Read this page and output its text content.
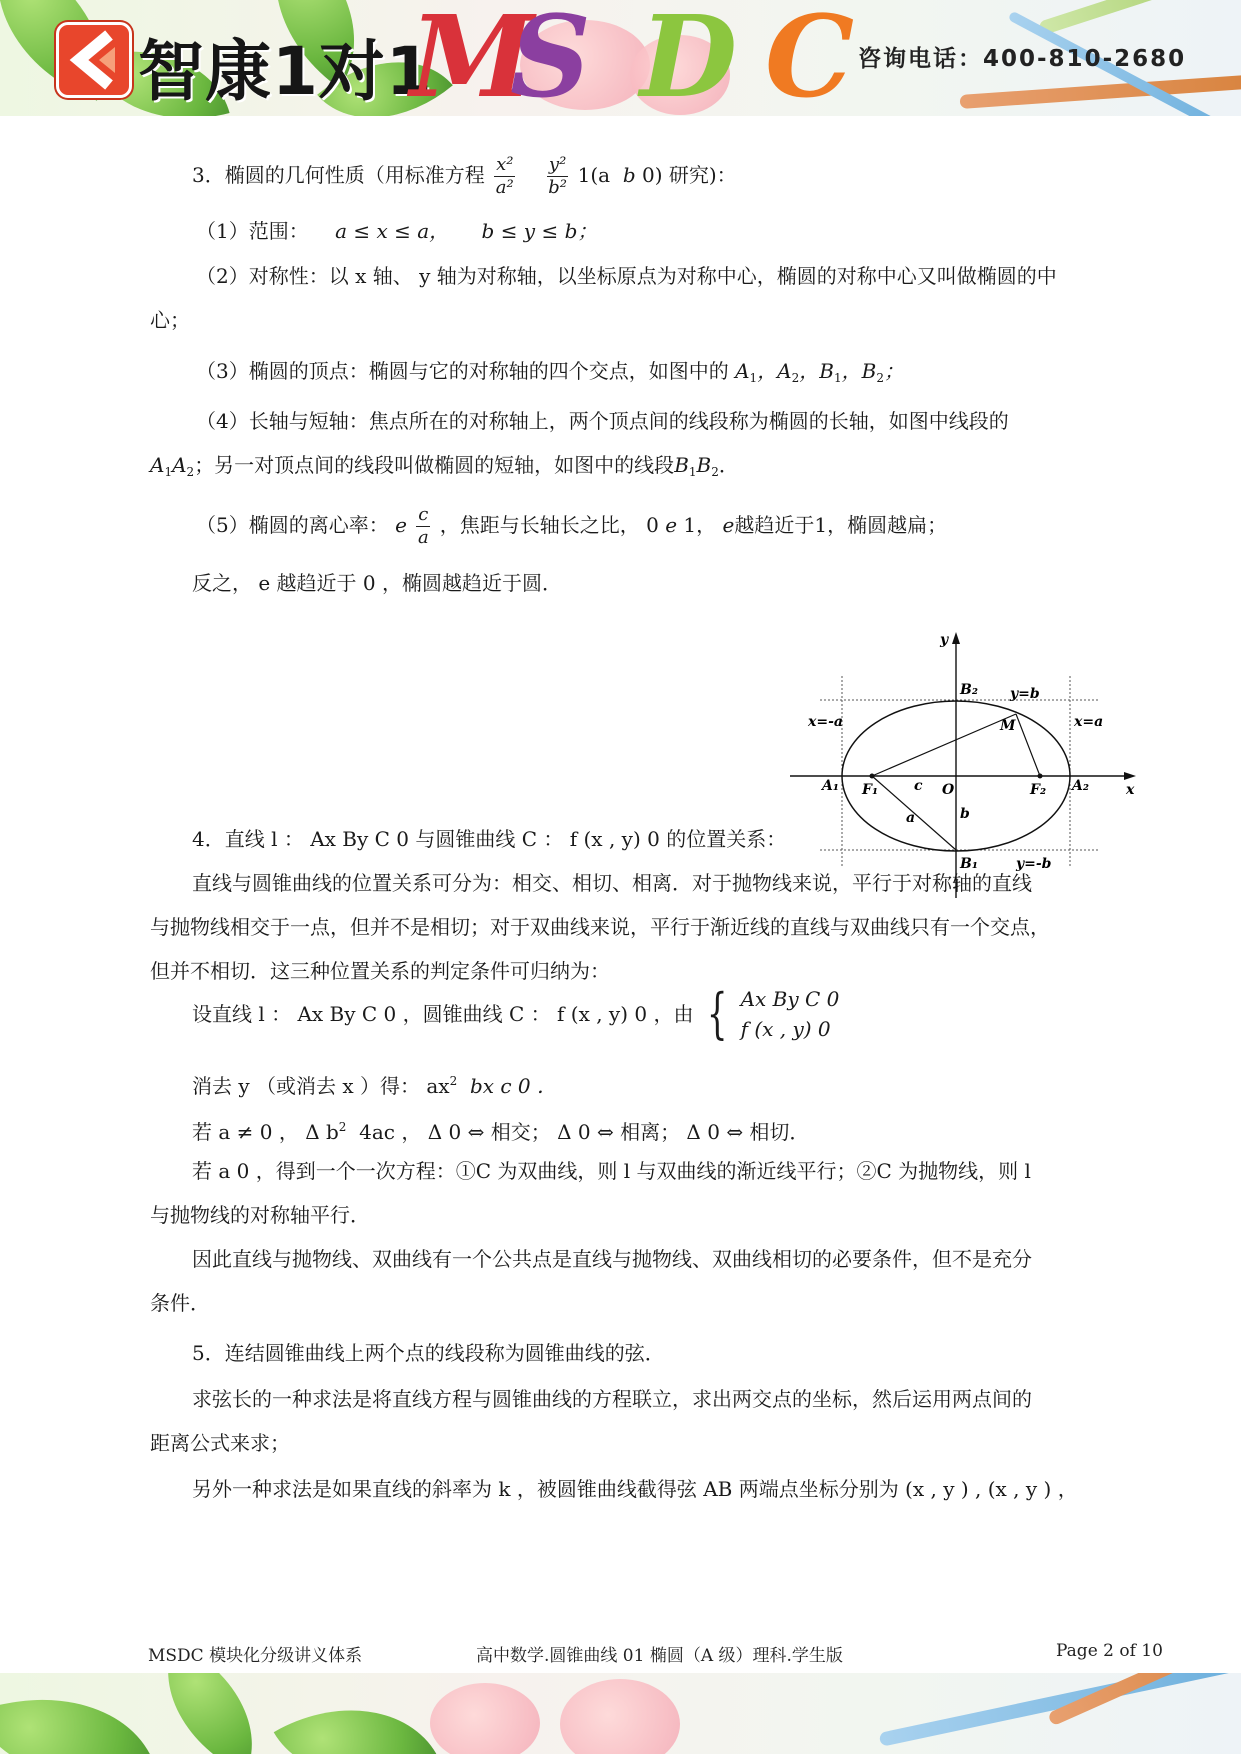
智康1对1
M
S D C 咨询电话：400-810-2680
3．椭圆的几何性质（用标准方程 $\frac{\text{x²}}{\text{a²}}$
$\frac{\text{y²}}{\text{b²}} 1(a$ b 0) 研究)：
（1）范围： a ≤ x ≤ a， b ≤ y ≤ b；
（2）对称性：以 x 轴、 y 轴为对称轴，以坐标原点为对称中心，椭圆的对称中心又叫做椭圆的中
心；
（3）椭圆的顶点：椭圆与它的对称轴的四个交点，如图中的 $A_1$，$A_2$，$B_1$，$B_2$；
（4）长轴与短轴：焦点所在的对称轴上，两个顶点间的线段称为椭圆的长轴，如图中线段的
$A_1A_2$；另一对顶点间的线段叫做椭圆的短轴，如图中的线段$B_1B_2$．
（5）椭圆的离心率： e $\frac{c}{a}$ ，焦距与长轴长之比， 0 e 1， e越趋近于1，椭圆越扁；
反之， e 越趋近于 0 ，椭圆越趋近于圆．
4．直线 l ： Ax By C 0 与圆锥曲线 C ： f (x , y) 0 的位置关系：
直线与圆锥曲线的位置关系可分为：相交、相切、相离．对于抛物线来说，平行于对称轴的直线
与抛物线相交于一点，但并不是相切；对于双曲线来说，平行于渐近线的直线与双曲线只有一个交点，
但并不相切．这三种位置关系的判定条件可归纳为：
设直线 l ： Ax By C 0 ，圆锥曲线 C ： f (x , y) 0 ，由 { Ax By C 0
f (x , y) 0
消去 y （或消去 x ）得： $ax^2$ bx c 0 ．
若 a ≠ 0 ， Δ $b^2$ 4ac ， Δ 0 ⇔ 相交； Δ 0 ⇔ 相离； Δ 0 ⇔ 相切．
若 a 0 ，得到一个一次方程：①C 为双曲线，则 l 与双曲线的渐近线平行；②C 为抛物线，则 l
与抛物线的对称轴平行．
因此直线与抛物线、双曲线有一个公共点是直线与抛物线、双曲线相切的必要条件，但不是充分
条件．
5．连结圆锥曲线上两个点的线段称为圆锥曲线的弦．
求弦长的一种求法是将直线方程与圆锥曲线的方程联立，求出两交点的坐标，然后运用两点间的
距离公式来求；
另外一种求法是如果直线的斜率为 k ，被圆锥曲线截得弦 AB 两端点坐标分别为 (x , y ) , (x , y ) ，
y
x
B₂
B₁
A₁	A₂
F₁	F₂
O
M
x=-a	x=a
y=b
y=-b
a	b
c
MSDC 模块化分级讲义体系	高中数学.圆锥曲线 01 椭圆（A 级）理科.学生版	Page 2 of 10
